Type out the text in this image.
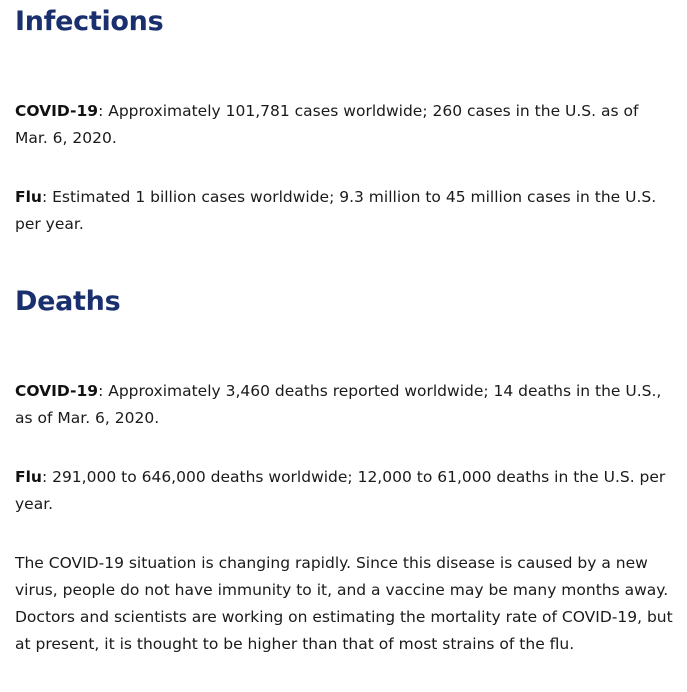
Infections

COVID-19: Approximately 101,781 cases worldwide; 260 cases in the U.S. as of Mar. 6, 2020.

Flu: Estimated 1 billion cases worldwide; 9.3 million to 45 million cases in the U.S. per year.

Deaths

COVID-19: Approximately 3,460 deaths reported worldwide; 14 deaths in the U.S., as of Mar. 6, 2020.

Flu: 291,000 to 646,000 deaths worldwide; 12,000 to 61,000 deaths in the U.S. per year.

The COVID-19 situation is changing rapidly. Since this disease is caused by a new virus, people do not have immunity to it, and a vaccine may be many months away. Doctors and scientists are working on estimating the mortality rate of COVID-19, but at present, it is thought to be higher than that of most strains of the flu.
